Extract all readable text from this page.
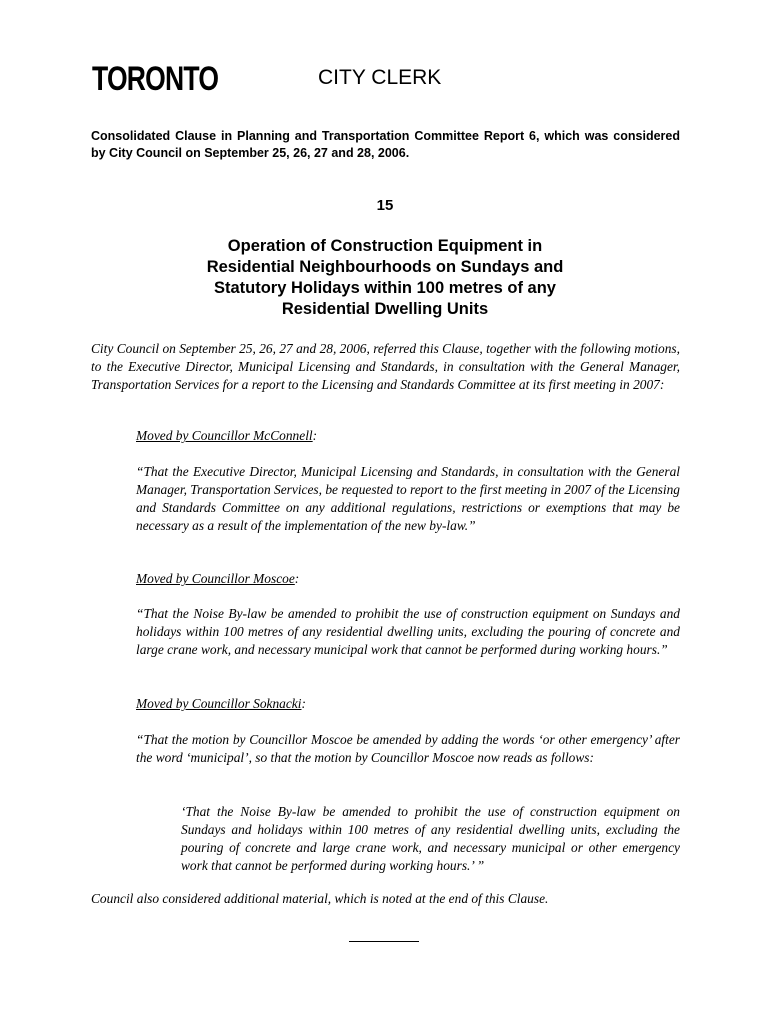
TORONTO	CITY CLERK
Consolidated Clause in Planning and Transportation Committee Report 6, which was considered by City Council on September 25, 26, 27 and 28, 2006.
15
Operation of Construction Equipment in
Residential Neighbourhoods on Sundays and
Statutory Holidays within 100 metres of any
Residential Dwelling Units

City Council on September 25, 26, 27 and 28, 2006, referred this Clause, together with the following motions, to the Executive Director, Municipal Licensing and Standards, in consultation with the General Manager, Transportation Services for a report to the Licensing and Standards Committee at its first meeting in 2007:

Moved by Councillor McConnell:

“That the Executive Director, Municipal Licensing and Standards, in consultation with the General Manager, Transportation Services, be requested to report to the first meeting in 2007 of the Licensing and Standards Committee on any additional regulations, restrictions or exemptions that may be necessary as a result of the implementation of the new by-law.”

Moved by Councillor Moscoe:

“That the Noise By-law be amended to prohibit the use of construction equipment on Sundays and holidays within 100 metres of any residential dwelling units, excluding the pouring of concrete and large crane work, and necessary municipal work that cannot be performed during working hours.”

Moved by Councillor Soknacki:

“That the motion by Councillor Moscoe be amended by adding the words ‘or other emergency’ after the word ‘municipal’, so that the motion by Councillor Moscoe now reads as follows:

‘That the Noise By-law be amended to prohibit the use of construction equipment on Sundays and holidays within 100 metres of any residential dwelling units, excluding the pouring of concrete and large crane work, and necessary municipal or other emergency work that cannot be performed during working hours.’ ”

Council also considered additional material, which is noted at the end of this Clause.
